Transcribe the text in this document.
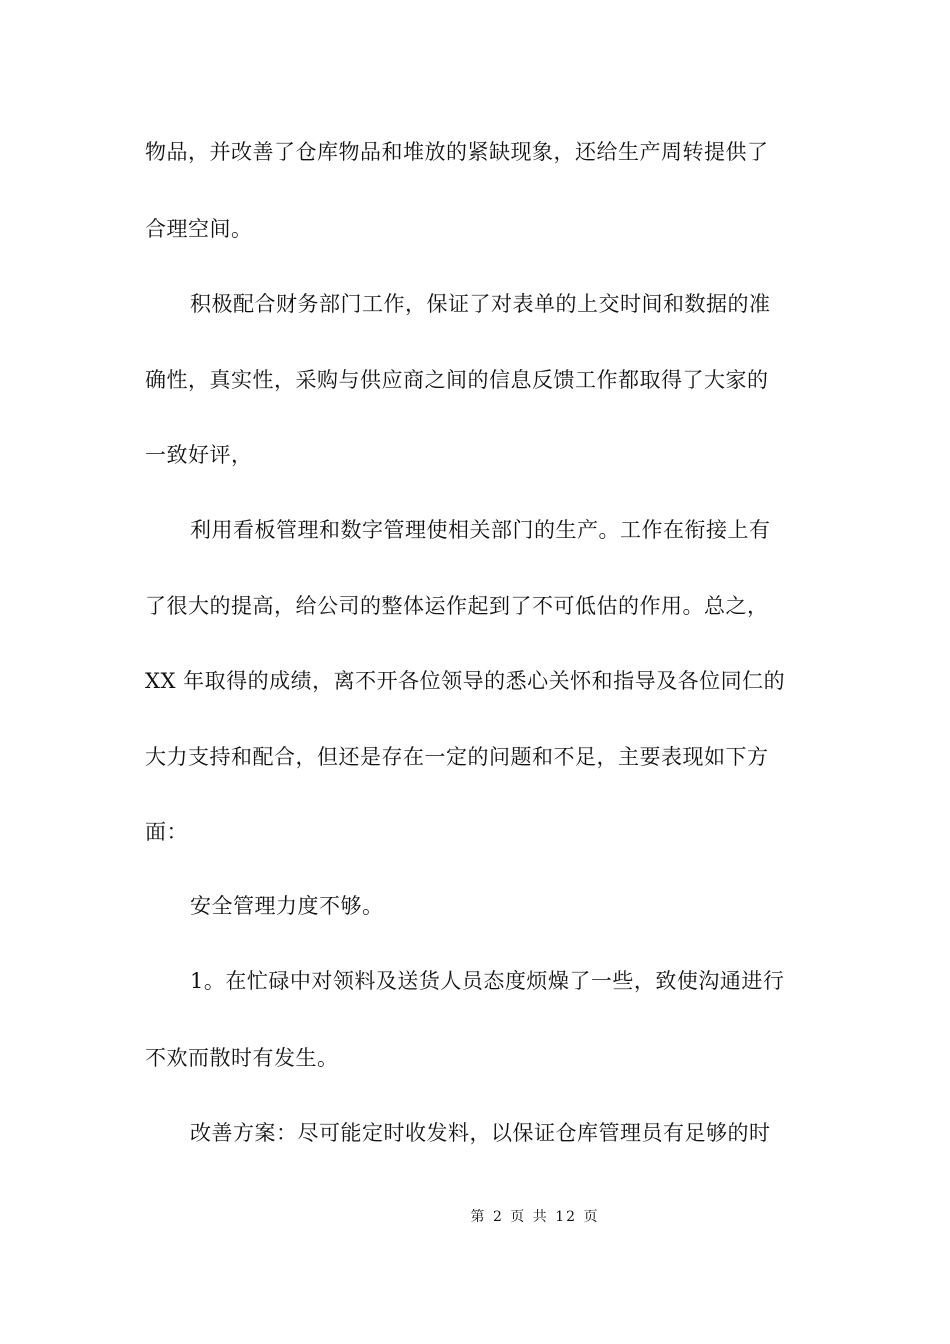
物品，并改善了仓库物品和堆放的紧缺现象，还给生产周转提供了
合理空间。
积极配合财务部门工作，保证了对表单的上交时间和数据的准
确性，真实性，采购与供应商之间的信息反馈工作都取得了大家的
一致好评，
利用看板管理和数字管理使相关部门的生产。工作在衔接上有
了很大的提高，给公司的整体运作起到了不可低估的作用。总之，
XX 年取得的成绩，离不开各位领导的悉心关怀和指导及各位同仁的
大力支持和配合，但还是存在一定的问题和不足，主要表现如下方
面：
安全管理力度不够。
1。在忙碌中对领料及送货人员态度烦燥了一些，致使沟通进行
不欢而散时有发生。
改善方案：尽可能定时收发料，以保证仓库管理员有足够的时
第 2 页 共 12 页
